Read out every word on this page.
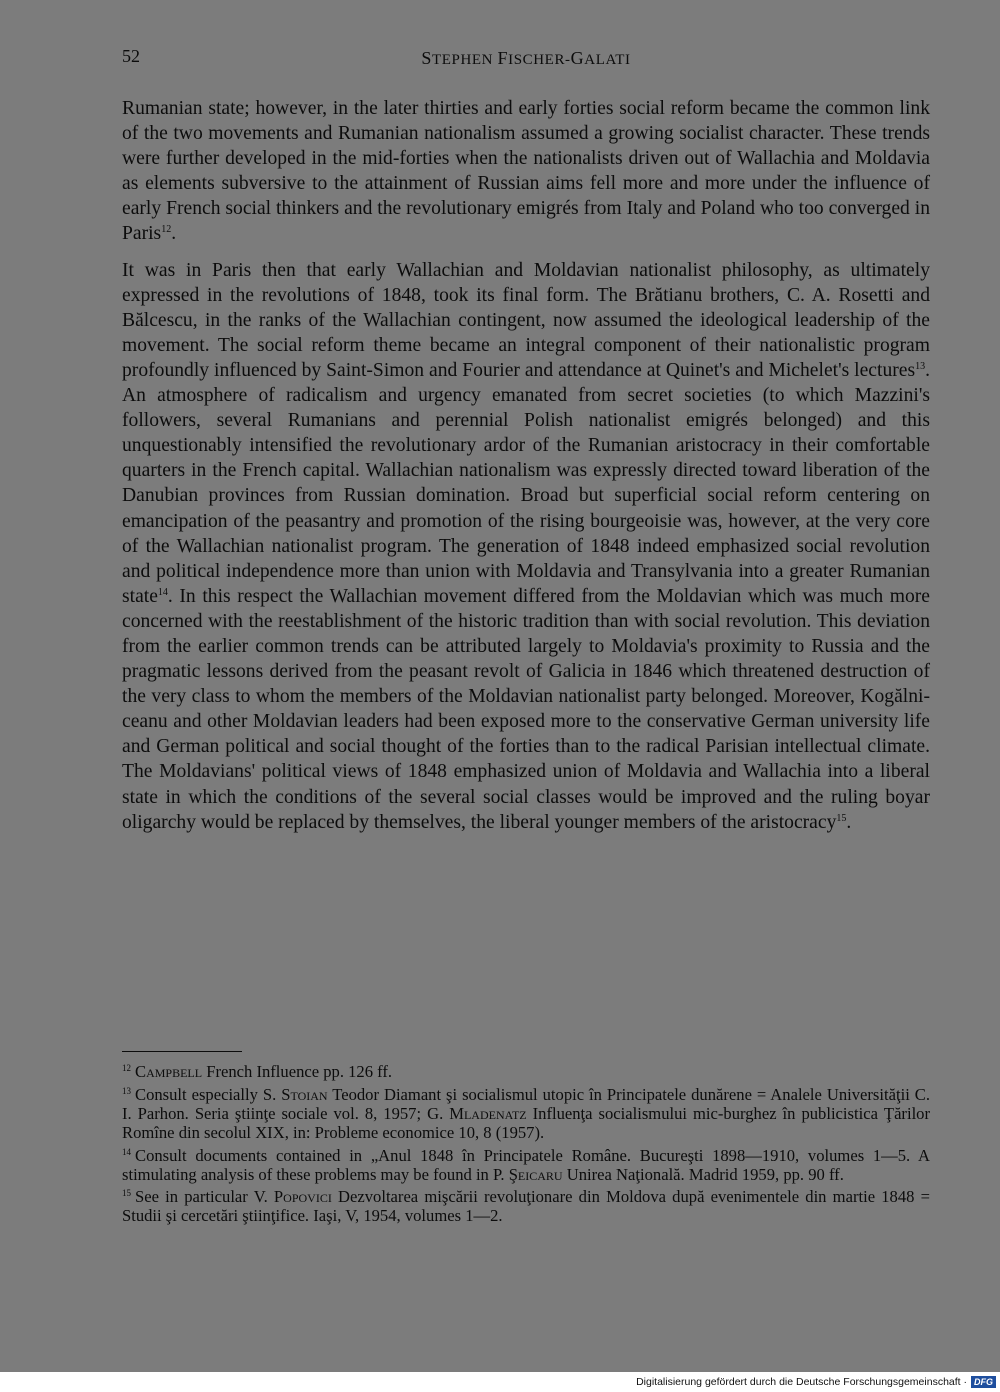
52	STEPHEN FISCHER-GALATI

Rumanian state; however, in the later thirties and early forties social reform became the common link of the two movements and Rumanian nationalism assumed a growing socialist character. These trends were further developed in the mid-forties when the nationalists driven out of Wallachia and Moldavia as elements subversive to the attainment of Russian aims fell more and more under the influence of early French social thinkers and the revolutionary emigrés from Italy and Poland who too converged in Paris$^{12}$.

It was in Paris then that early Wallachian and Moldavian nationalist philosophy, as ultimately expressed in the revolutions of 1848, took its final form. The Brătianu brothers, C. A. Rosetti and Bălcescu, in the ranks of the Wallachian contingent, now assumed the ideological leadership of the movement. The social reform theme became an integral component of their nationalistic program profoundly influenced by Saint-Simon and Fourier and attendance at Quinet's and Michelet's lectures$^{13}$. An atmosphere of radicalism and urgency emanated from secret societies (to which Mazzini's followers, several Rumanians and perennial Polish nationalist emigrés belonged) and this unquestionably intensified the revolutionary ardor of the Rumanian aristocracy in their comfortable quarters in the French capital. Wallachian nationalism was expressly directed toward liberation of the Danubian provinces from Russian domination. Broad but superficial social reform centering on emancipation of the peasantry and promotion of the rising bourgeoisie was, however, at the very core of the Wallachian nationalist program. The generation of 1848 indeed emphasized social revolution and political independence more than union with Moldavia and Transylvania into a greater Rumanian state$^{14}$. In this respect the Wallachian movement differed from the Moldavian which was much more concerned with the reestablishment of the historic tradition than with social revolution. This deviation from the earlier common trends can be attributed largely to Moldavia's proximity to Russia and the pragmatic lessons derived from the peasant revolt of Galicia in 1846 which threatened destruction of the very class to whom the members of the Moldavian nationalist party belonged. Moreover, Kogălniceanu and other Moldavian leaders had been exposed more to the conservative German university life and German political and social thought of the forties than to the radical Parisian intellectual climate. The Moldavians' political views of 1848 emphasized union of Moldavia and Wallachia into a liberal state in which the conditions of the several social classes would be improved and the ruling boyar oligarchy would be replaced by themselves, the liberal younger members of the aristocracy$^{15}$.

$^{12}$ Campbell French Influence pp. 126 ff.

$^{13}$ Consult especially S. Stoian Teodor Diamant şi socialismul utopic în Principatele dunărene = Analele Universităţii C. I. Parhon. Seria ştiinţe sociale vol. 8, 1957; G. Mladenatz Influenţa socialismului mic-burghez în publicistica Ţărilor Romîne din secolul XIX, in: Probleme economice 10, 8 (1957).

$^{14}$ Consult documents contained in „Anul 1848 în Principatele Române. Bucureşti 1898—1910, volumes 1—5. A stimulating analysis of these problems may be found in P. Şeicaru Unirea Naţională. Madrid 1959, pp. 90 ff.

$^{15}$ See in particular V. Popovici Dezvoltarea mişcării revoluţionare din Moldova după evenimentele din martie 1848 = Studii şi cercetări ştiinţifice. Iaşi, V, 1954, volumes 1—2.

Digitalisierung gefördert durch die Deutsche Forschungsgemeinschaft · DFG
